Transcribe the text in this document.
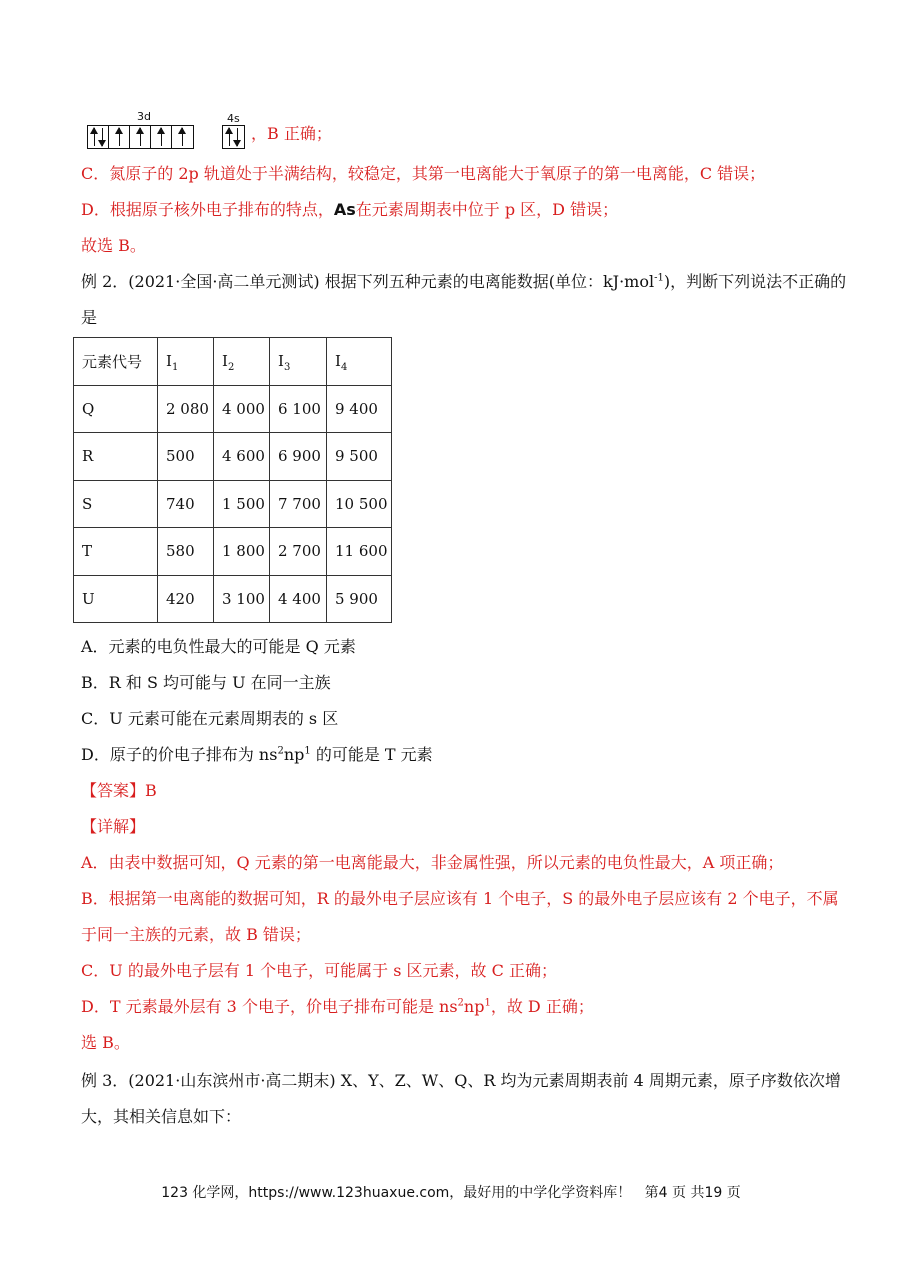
3d	4s
，B 正确；
C．氮原子的 2p 轨道处于半满结构，较稳定，其第一电离能大于氧原子的第一电离能，C 错误；
D．根据原子核外电子排布的特点，As在元素周期表中位于 p 区，D 错误；
故选 B。
例 2．(2021·全国·高二单元测试) 根据下列五种元素的电离能数据(单位：kJ·mol$^{-1}$)，判断下列说法不正确的
是
元素代号	$I_1$	$I_2$	$I_3$	$I_4$
Q	2 080	4 000	6 100	9 400
R	500	4 600	6 900	9 500
S	740	1 500	7 700	10 500
T	580	1 800	2 700	11 600
U	420	3 100	4 400	5 900
A．元素的电负性最大的可能是 Q 元素
B．R 和 S 均可能与 U 在同一主族
C．U 元素可能在元素周期表的 s 区
D．原子的价电子排布为 $ns^2np^1$ 的可能是 T 元素
【答案】B
【详解】
A．由表中数据可知，Q 元素的第一电离能最大，非金属性强，所以元素的电负性最大，A 项正确；
B．根据第一电离能的数据可知，R 的最外电子层应该有 1 个电子，S 的最外电子层应该有 2 个电子，不属
于同一主族的元素，故 B 错误；
C．U 的最外电子层有 1 个电子，可能属于 s 区元素，故 C 正确；
D．T 元素最外层有 3 个电子，价电子排布可能是 $ns^2np^1$，故 D 正确；
选 B。
例 3．(2021·山东滨州市·高二期末) X、Y、Z、W、Q、R 均为元素周期表前 4 周期元素，原子序数依次增
大，其相关信息如下：
123 化学网，https://www.123huaxue.com，最好用的中学化学资料库！ 第4 页 共19 页
